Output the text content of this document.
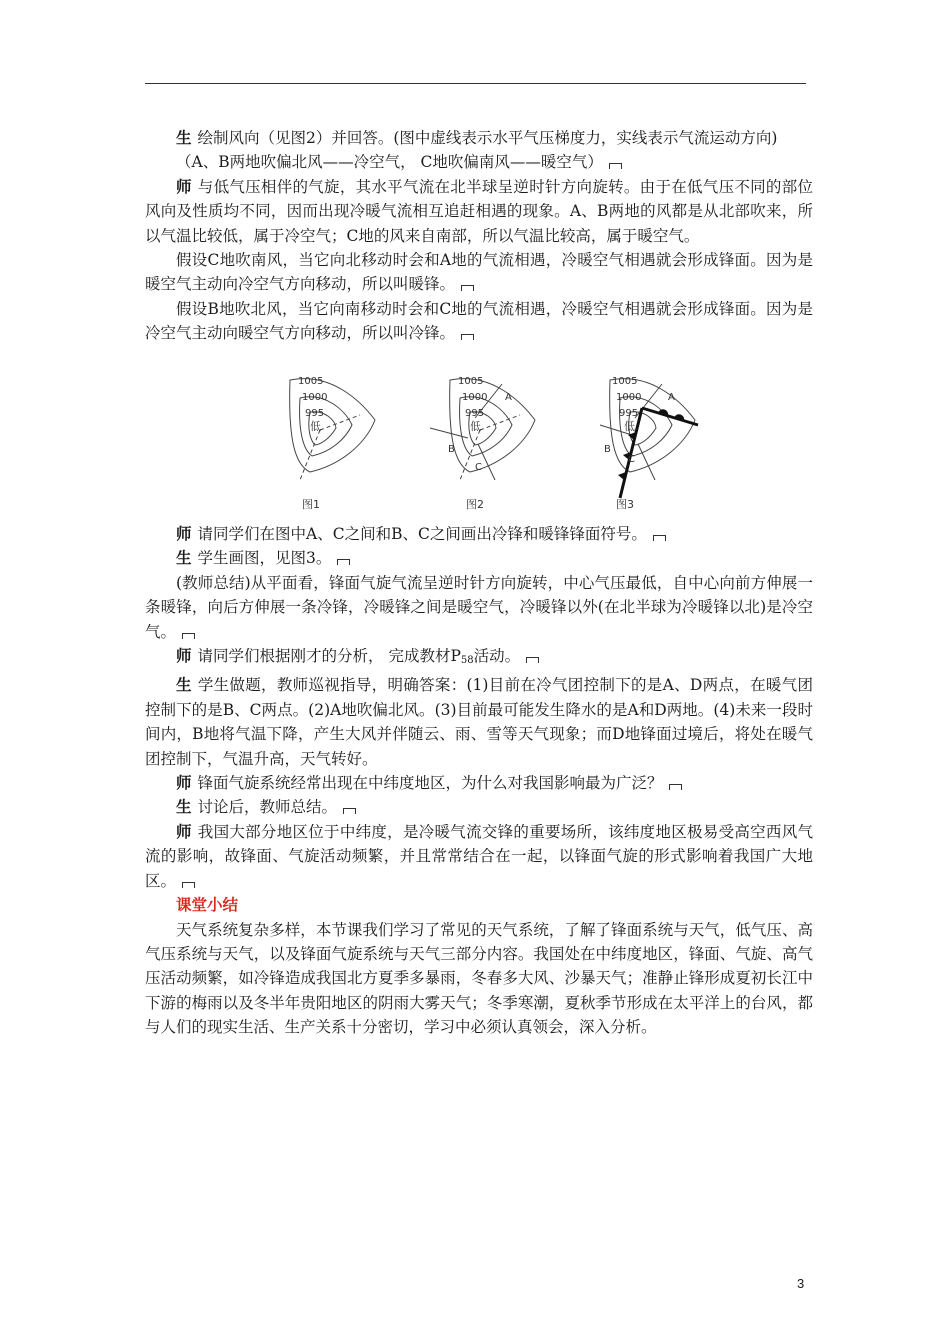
生 绘制风向（见图2）并回答。(图中虚线表示水平气压梯度力，实线表示气流运动方向)

（A、B两地吹偏北风——冷空气， C地吹偏南风——暖空气）

师 与低气压相伴的气旋，其水平气流在北半球呈逆时针方向旋转。由于在低气压不同的部位风向及性质均不同，因而出现冷暖气流相互追赶相遇的现象。A、B两地的风都是从北部吹来，所以气温比较低，属于冷空气；C地的风来自南部，所以气温比较高，属于暖空气。

假设C地吹南风，当它向北移动时会和A地的气流相遇，冷暖空气相遇就会形成锋面。因为是暖空气主动向冷空气方向移动，所以叫暖锋。

假设B地吹北风，当它向南移动时会和C地的气流相遇，冷暖空气相遇就会形成锋面。因为是冷空气主动向暖空气方向移动，所以叫冷锋。

1005
1000
995
低
1005
1000
995
低
A
B
C
1005
1000
995
低
A
B
C
图1	图2	图3

师 请同学们在图中A、C之间和B、C之间画出冷锋和暖锋锋面符号。

生 学生画图，见图3。

(教师总结)从平面看，锋面气旋气流呈逆时针方向旋转，中心气压最低，自中心向前方伸展一条暖锋，向后方伸展一条冷锋，冷暖锋之间是暖空气，冷暖锋以外(在北半球为冷暖锋以北)是冷空气。

师 请同学们根据刚才的分析， 完成教材$P_{58}$活动。

生 学生做题，教师巡视指导，明确答案：(1)目前在冷气团控制下的是A、D两点，在暖气团控制下的是B、C两点。(2)A地吹偏北风。(3)目前最可能发生降水的是A和D两地。(4)未来一段时间内，B地将气温下降，产生大风并伴随云、雨、雪等天气现象；而D地锋面过境后，将处在暖气团控制下，气温升高，天气转好。

师 锋面气旋系统经常出现在中纬度地区，为什么对我国影响最为广泛？

生 讨论后，教师总结。

师 我国大部分地区位于中纬度，是冷暖气流交锋的重要场所，该纬度地区极易受高空西风气流的影响，故锋面、气旋活动频繁，并且常常结合在一起，以锋面气旋的形式影响着我国广大地区。

课堂小结

天气系统复杂多样，本节课我们学习了常见的天气系统，了解了锋面系统与天气，低气压、高气压系统与天气，以及锋面气旋系统与天气三部分内容。我国处在中纬度地区，锋面、气旋、高气压活动频繁，如冷锋造成我国北方夏季多暴雨，冬春多大风、沙暴天气；准静止锋形成夏初长江中下游的梅雨以及冬半年贵阳地区的阴雨大雾天气；冬季寒潮，夏秋季节形成在太平洋上的台风，都与人们的现实生活、生产关系十分密切，学习中必须认真领会，深入分析。

3
